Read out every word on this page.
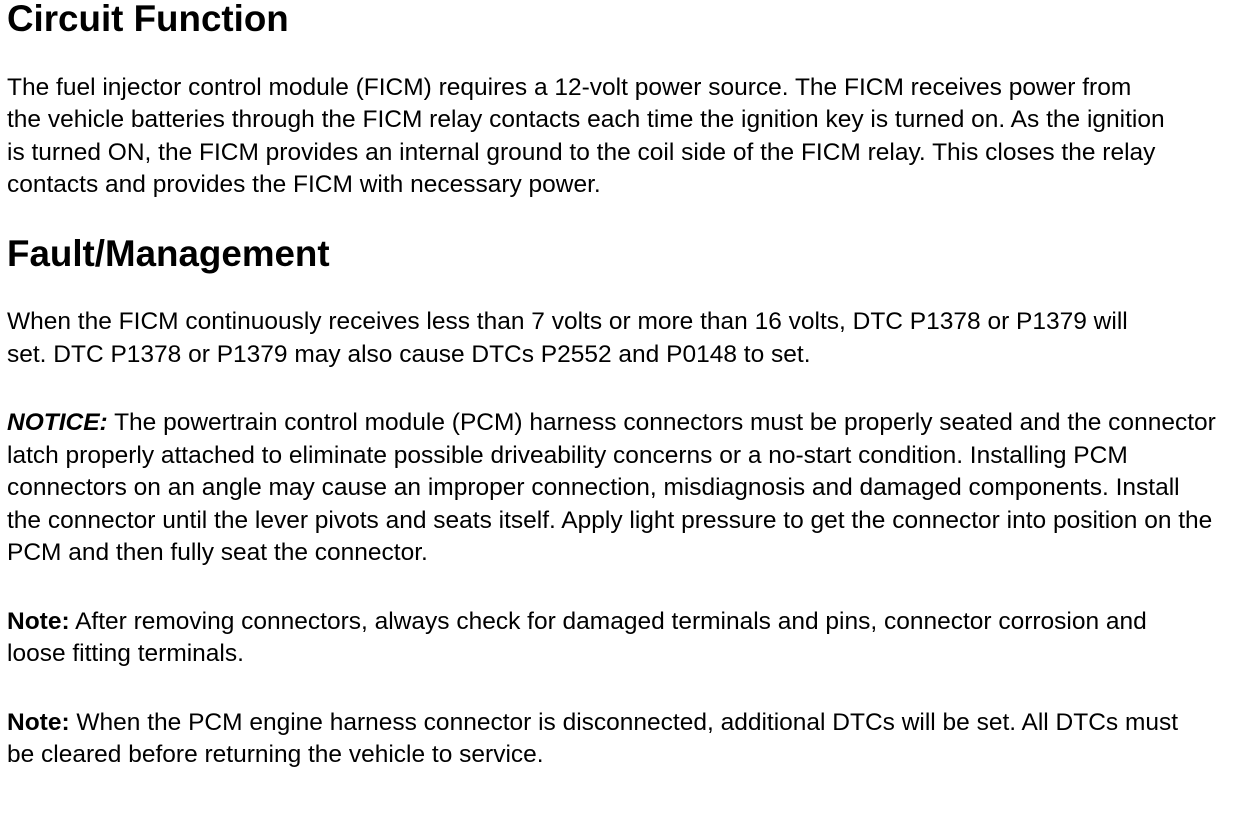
Circuit Function

The fuel injector control module (FICM) requires a 12-volt power source. The FICM receives power from the vehicle batteries through the FICM relay contacts each time the ignition key is turned on. As the ignition is turned ON, the FICM provides an internal ground to the coil side of the FICM relay. This closes the relay contacts and provides the FICM with necessary power.

Fault/Management

When the FICM continuously receives less than 7 volts or more than 16 volts, DTC P1378 or P1379 will set. DTC P1378 or P1379 may also cause DTCs P2552 and P0148 to set.

NOTICE: The powertrain control module (PCM) harness connectors must be properly seated and the connector latch properly attached to eliminate possible driveability concerns or a no-start condition. Installing PCM connectors on an angle may cause an improper connection, misdiagnosis and damaged components. Install the connector until the lever pivots and seats itself. Apply light pressure to get the connector into position on the PCM and then fully seat the connector.

Note: After removing connectors, always check for damaged terminals and pins, connector corrosion and loose fitting terminals.

Note: When the PCM engine harness connector is disconnected, additional DTCs will be set. All DTCs must be cleared before returning the vehicle to service.
